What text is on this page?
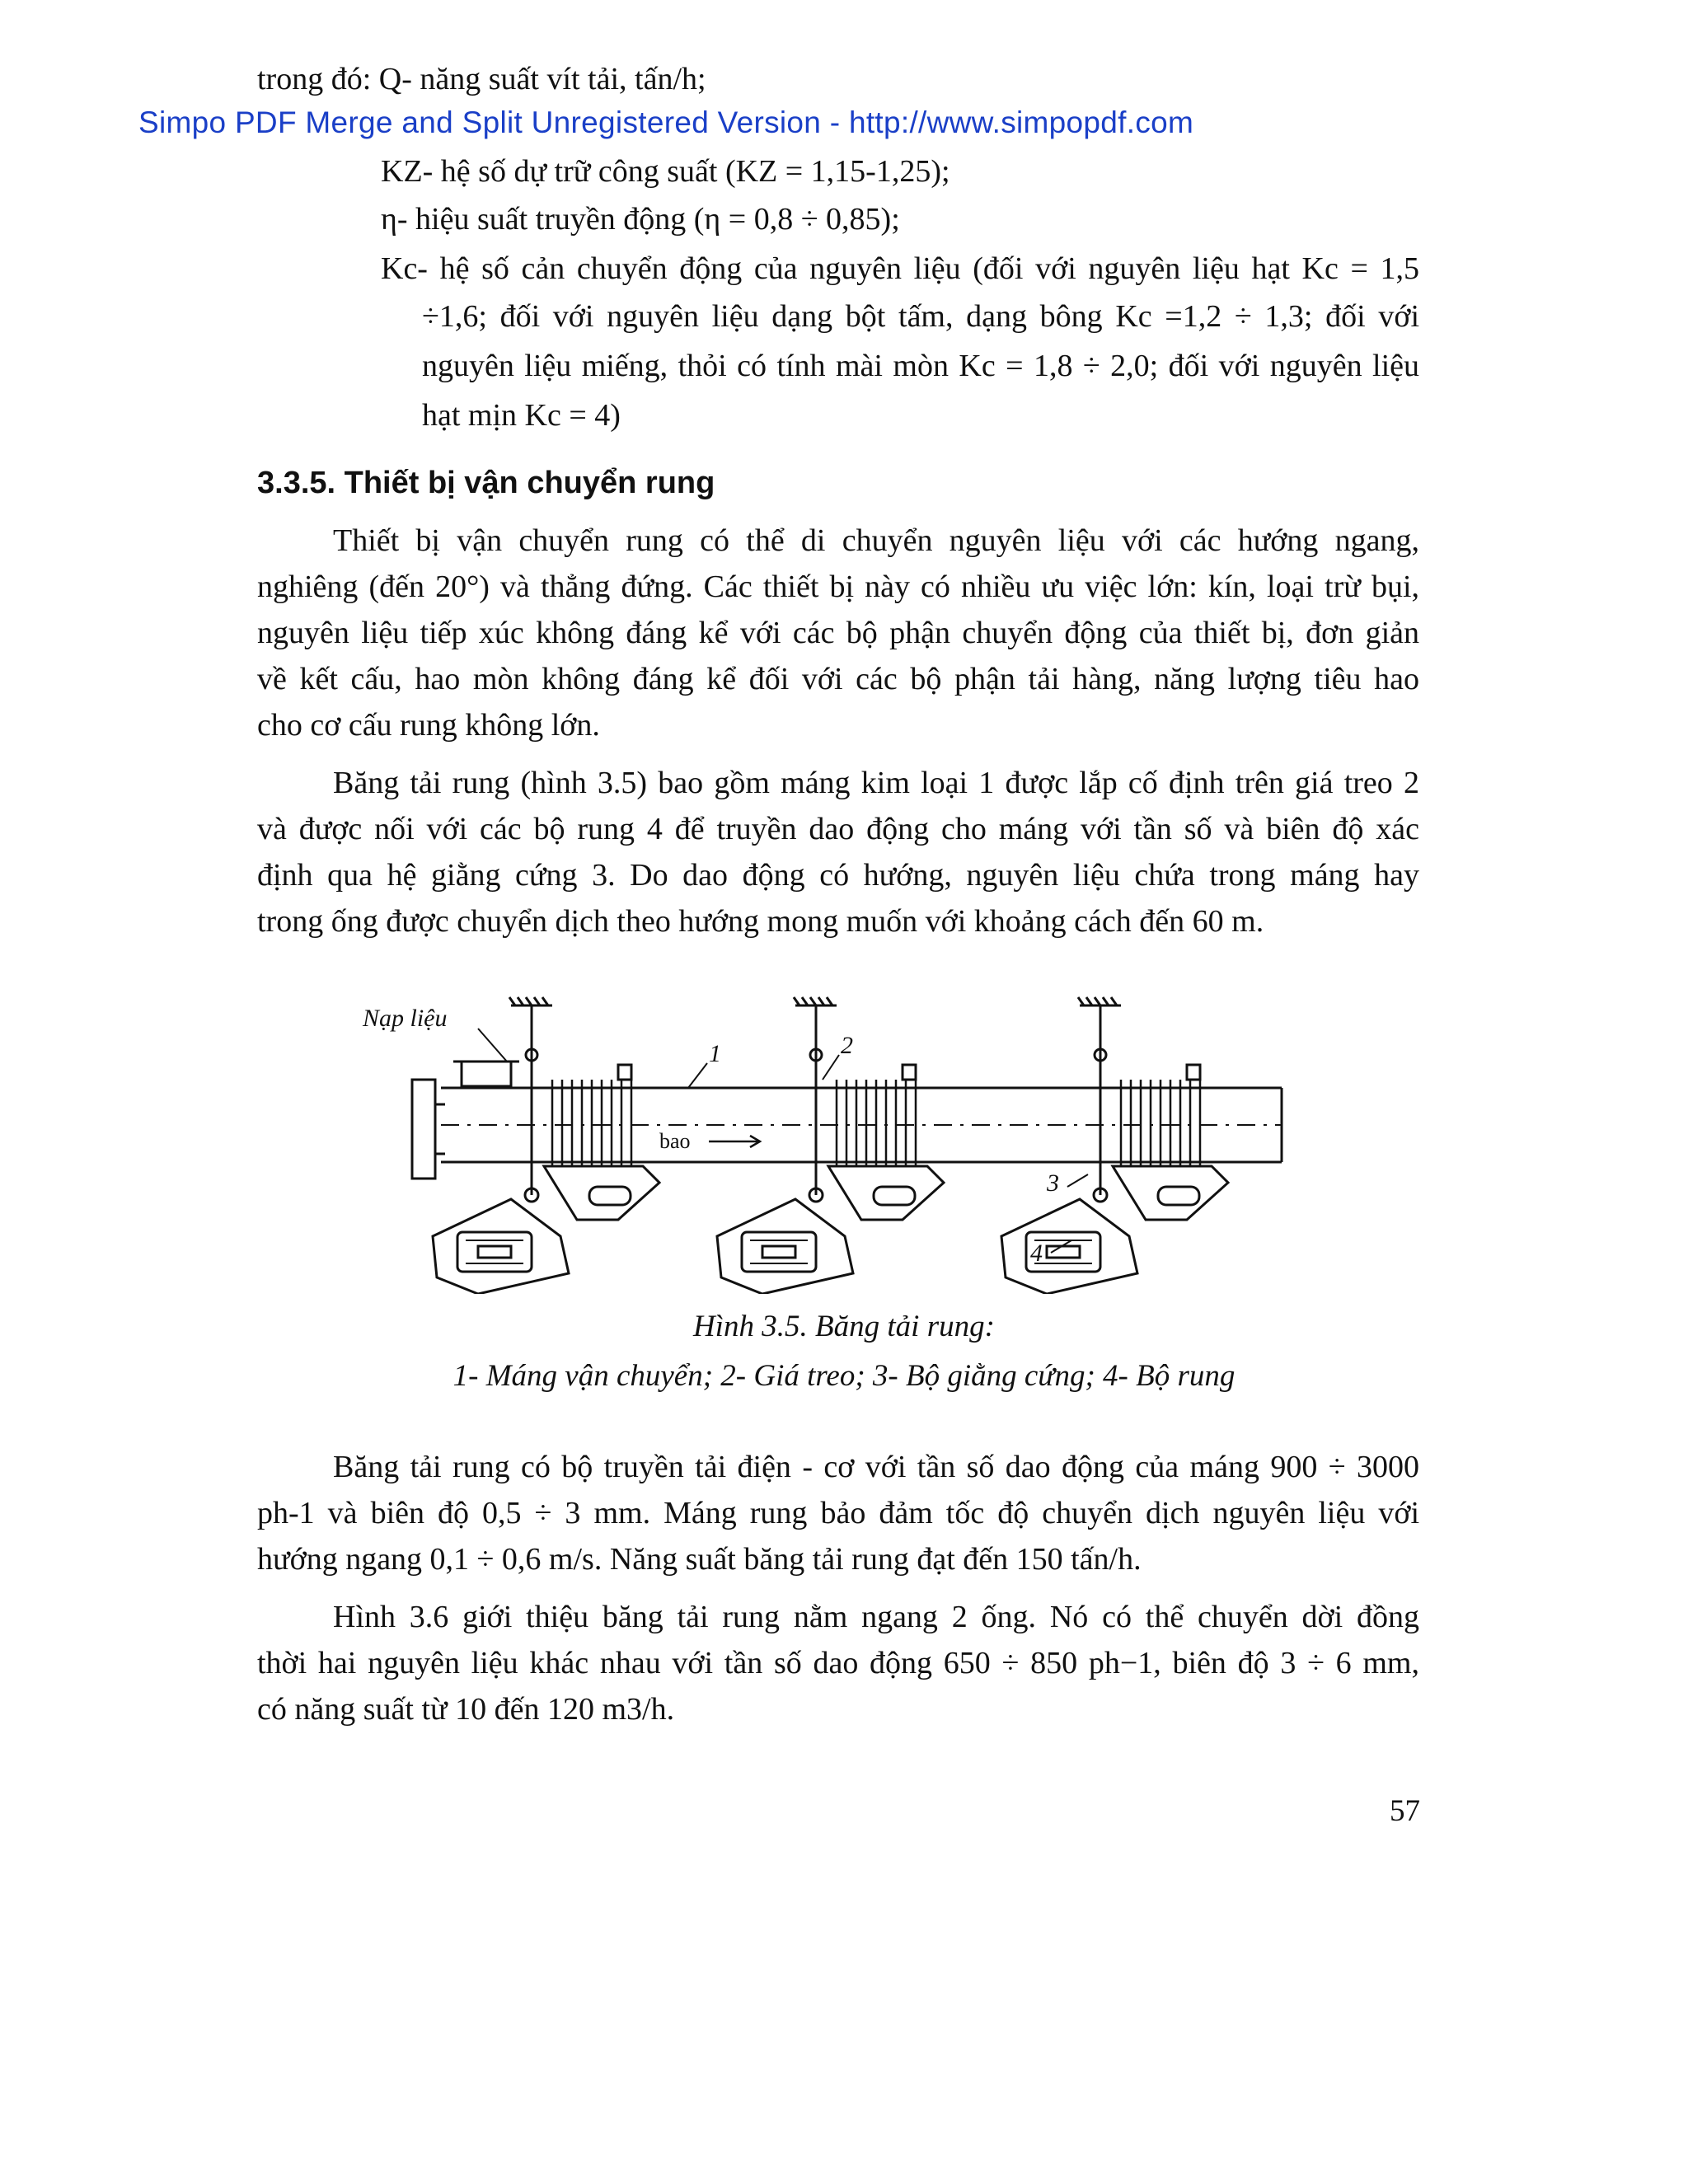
trong đó: Q- năng suất vít tải, tấn/h;
Simpo PDF Merge and Split Unregistered Version - http://www.simpopdf.com
KZ- hệ số dự trữ công suất (KZ = 1,15-1,25);
η- hiệu suất truyền động (η = 0,8 ÷ 0,85);
Kc- hệ số cản chuyển động của nguyên liệu (đối với nguyên liệu hạt Kc = 1,5
÷1,6; đối với nguyên liệu dạng bột tấm, dạng bông Kc =1,2 ÷ 1,3; đối với
nguyên liệu miếng, thỏi có tính mài mòn Kc = 1,8 ÷ 2,0; đối với nguyên liệu
hạt mịn Kc = 4)
3.3.5. Thiết bị vận chuyển rung
Thiết bị vận chuyển rung có thể di chuyển nguyên liệu với các hướng ngang,
nghiêng (đến 20°) và thẳng đứng. Các thiết bị này có nhiều ưu việc lớn: kín, loại trừ bụi,
nguyên liệu tiếp xúc không đáng kể với các bộ phận chuyển động của thiết bị, đơn giản
về kết cấu, hao mòn không đáng kể đối với các bộ phận tải hàng, năng lượng tiêu hao
cho cơ cấu rung không lớn.
Băng tải rung (hình 3.5) bao gồm máng kim loại 1 được lắp cố định trên giá treo 2
và được nối với các bộ rung 4 để truyền dao động cho máng với tần số và biên độ xác
định qua hệ giằng cứng 3. Do dao động có hướng, nguyên liệu chứa trong máng hay
trong ống được chuyển dịch theo hướng mong muốn với khoảng cách đến 60 m.
Nạp liệu
1	2
3
4
bao
Hình 3.5. Băng tải rung:
1- Máng vận chuyển; 2- Giá treo; 3- Bộ giằng cứng; 4- Bộ rung
Băng tải rung có bộ truyền tải điện - cơ với tần số dao động của máng 900 ÷ 3000
ph-1 và biên độ 0,5 ÷ 3 mm. Máng rung bảo đảm tốc độ chuyển dịch nguyên liệu với
hướng ngang 0,1 ÷ 0,6 m/s. Năng suất băng tải rung đạt đến 150 tấn/h.
Hình 3.6 giới thiệu băng tải rung nằm ngang 2 ống. Nó có thể chuyển dời đồng
thời hai nguyên liệu khác nhau với tần số dao động 650 ÷ 850 ph−1, biên độ 3 ÷ 6 mm,
có năng suất từ 10 đến 120 m3/h.
57
